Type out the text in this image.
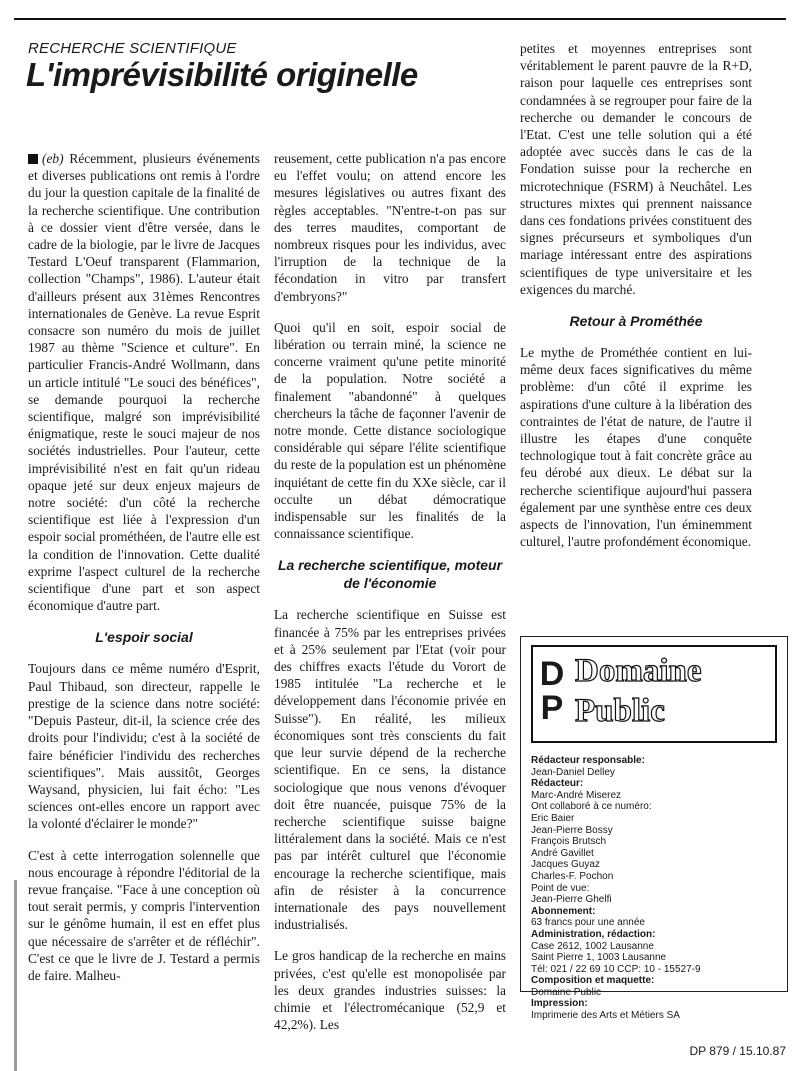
RECHERCHE SCIENTIFIQUE
L'imprévisibilité originelle

(eb) Récemment, plusieurs événements et diverses publications ont remis à l'ordre du jour la question capitale de la finalité de la recherche scientifique. Une contribution à ce dossier vient d'être versée, dans le cadre de la biologie, par le livre de Jacques Testard L'Oeuf transparent (Flammarion, collection "Champs", 1986). L'auteur était d'ailleurs présent aux 31èmes Rencontres internationales de Genève. La revue Esprit consacre son numéro du mois de juillet 1987 au thème "Science et culture". En particulier Francis-André Wollmann, dans un article intitulé "Le souci des bénéfices", se demande pourquoi la recherche scientifique, malgré son imprévisibilité énigmatique, reste le souci majeur de nos sociétés industrielles. Pour l'auteur, cette imprévisibilité n'est en fait qu'un rideau opaque jeté sur deux enjeux majeurs de notre société: d'un côté la recherche scientifique est liée à l'expression d'un espoir social prométhéen, de l'autre elle est la condition de l'innovation. Cette dualité exprime l'aspect culturel de la recherche scientifique d'une part et son aspect économique d'autre part.

L'espoir social

Toujours dans ce même numéro d'Esprit, Paul Thibaud, son directeur, rappelle le prestige de la science dans notre société: "Depuis Pasteur, dit-il, la science crée des droits pour l'individu; c'est à la société de faire bénéficier l'individu des recherches scientifiques". Mais aussitôt, Georges Waysand, physicien, lui fait écho: "Les sciences ont-elles encore un rapport avec la volonté d'éclairer le monde?"

C'est à cette interrogation solennelle que nous encourage à répondre l'éditorial de la revue française. "Face à une conception où tout serait permis, y compris l'intervention sur le génôme humain, il est en effet plus que nécessaire de s'arrêter et de réfléchir". C'est ce que le livre de J. Testard a permis de faire. Malheu-

reusement, cette publication n'a pas encore eu l'effet voulu; on attend encore les mesures législatives ou autres fixant des règles acceptables. "N'entre-t-on pas sur des terres maudites, comportant de nombreux risques pour les individus, avec l'irruption de la technique de la fécondation in vitro par transfert d'embryons?"

Quoi qu'il en soit, espoir social de libération ou terrain miné, la science ne concerne vraiment qu'une petite minorité de la population. Notre société a finalement "abandonné" à quelques chercheurs la tâche de façonner l'avenir de notre monde. Cette distance sociologique considérable qui sépare l'élite scientifique du reste de la population est un phénomène inquiétant de cette fin du XXe siècle, car il occulte un débat démocratique indispensable sur les finalités de la connaissance scientifique.

La recherche scientifique, moteur de l'économie

La recherche scientifique en Suisse est financée à 75% par les entreprises privées et à 25% seulement par l'Etat (voir pour des chiffres exacts l'étude du Vorort de 1985 intitulée "La recherche et le développement dans l'économie privée en Suisse"). En réalité, les milieux économiques sont très conscients du fait que leur survie dépend de la recherche scientifique. En ce sens, la distance sociologique que nous venons d'évoquer doit être nuancée, puisque 75% de la recherche scientifique suisse baigne littéralement dans la société. Mais ce n'est pas par intérêt culturel que l'économie encourage la recherche scientifique, mais afin de résister à la concurrence internationale des pays nouvellement industrialisés.

Le gros handicap de la recherche en mains privées, c'est qu'elle est monopolisée par les deux grandes industries suisses: la chimie et l'électromécanique (52,9 et 42,2%). Les

petites et moyennes entreprises sont véritablement le parent pauvre de la R+D, raison pour laquelle ces entreprises sont condamnées à se regrouper pour faire de la recherche ou demander le concours de l'Etat. C'est une telle solution qui a été adoptée avec succès dans le cas de la Fondation suisse pour la recherche en microtechnique (FSRM) à Neuchâtel. Les structures mixtes qui prennent naissance dans ces fondations privées constituent des signes précurseurs et symboliques d'un mariage intéressant entre des aspirations scientifiques de type universitaire et les exigences du marché.

Retour à Prométhée

Le mythe de Prométhée contient en lui-même deux faces significatives du même problème: d'un côté il exprime les aspirations d'une culture à la libération des contraintes de l'état de nature, de l'autre il illustre les étapes d'une conquête technologique tout à fait concrète grâce au feu dérobé aux dieux. Le débat sur la recherche scientifique aujourd'hui passera également par une synthèse entre ces deux aspects de l'innovation, l'un éminemment culturel, l'autre profondément économique.

D
P
Domaine
Public
Rédacteur responsable:
Jean-Daniel Delley
Rédacteur:
Marc-André Miserez
Ont collaboré à ce numéro:
Eric Baier
Jean-Pierre Bossy
François Brutsch
André Gavillet
Jacques Guyaz
Charles-F. Pochon
Point de vue:
Jean-Pierre Ghelfi
Abonnement:
63 francs pour une année
Administration, rédaction:
Case 2612, 1002 Lausanne
Saint Pierre 1, 1003 Lausanne
Tél: 021 / 22 69 10 CCP: 10 - 15527-9
Composition et maquette:
Domaine Public
Impression:
Imprimerie des Arts et Métiers SA
DP 879 / 15.10.87
